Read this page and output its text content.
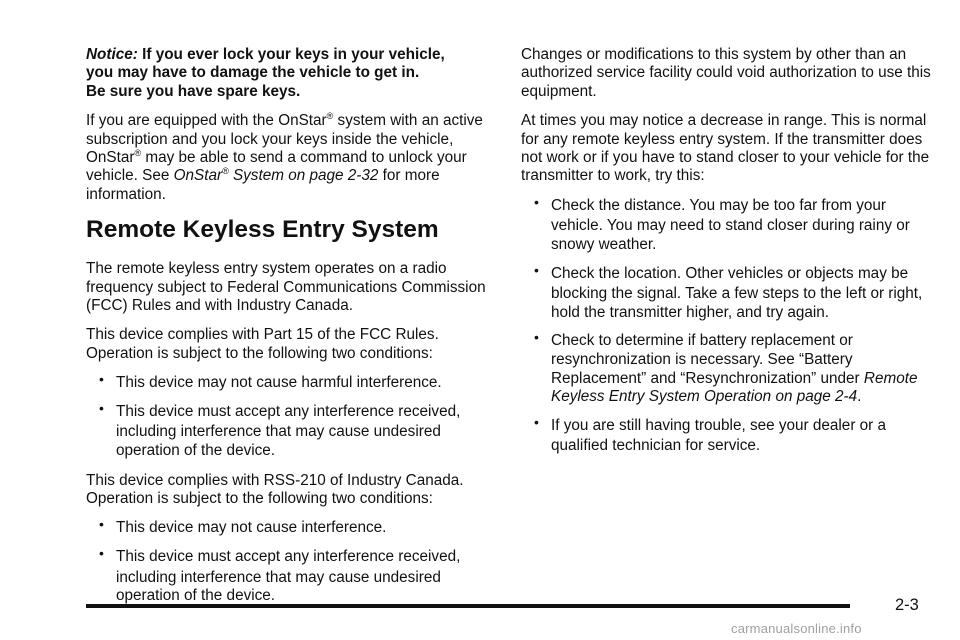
Notice: If you ever lock your keys in your vehicle,
you may have to damage the vehicle to get in.
Be sure you have spare keys.

If you are equipped with the OnStar® system with an active subscription and you lock your keys inside the vehicle, OnStar® may be able to send a command to unlock your vehicle. See OnStar® System on page 2-32 for more information.

Remote Keyless Entry System

The remote keyless entry system operates on a radio frequency subject to Federal Communications Commission (FCC) Rules and with Industry Canada.

This device complies with Part 15 of the FCC Rules. Operation is subject to the following two conditions:

• This device may not cause harmful interference.
• This device must accept any interference received,
including interference that may cause undesired operation of the device.

This device complies with RSS-210 of Industry Canada. Operation is subject to the following two conditions:

• This device may not cause interference.
• This device must accept any interference received,
including interference that may cause undesired operation of the device.

Changes or modifications to this system by other than an authorized service facility could void authorization to use this equipment.

At times you may notice a decrease in range. This is normal for any remote keyless entry system. If the transmitter does not work or if you have to stand closer to your vehicle for the transmitter to work, try this:

• Check the distance. You may be too far from your
vehicle. You may need to stand closer during rainy or snowy weather.
• Check the location. Other vehicles or objects may be
blocking the signal. Take a few steps to the left or right, hold the transmitter higher, and try again.
• Check to determine if battery replacement or resynchronization is necessary. See “Battery Replacement” and “Resynchronization” under Remote Keyless Entry System Operation on page 2-4.
• If you are still having trouble, see your dealer or a
qualified technician for service.
2-3
carmanualsonline.info
